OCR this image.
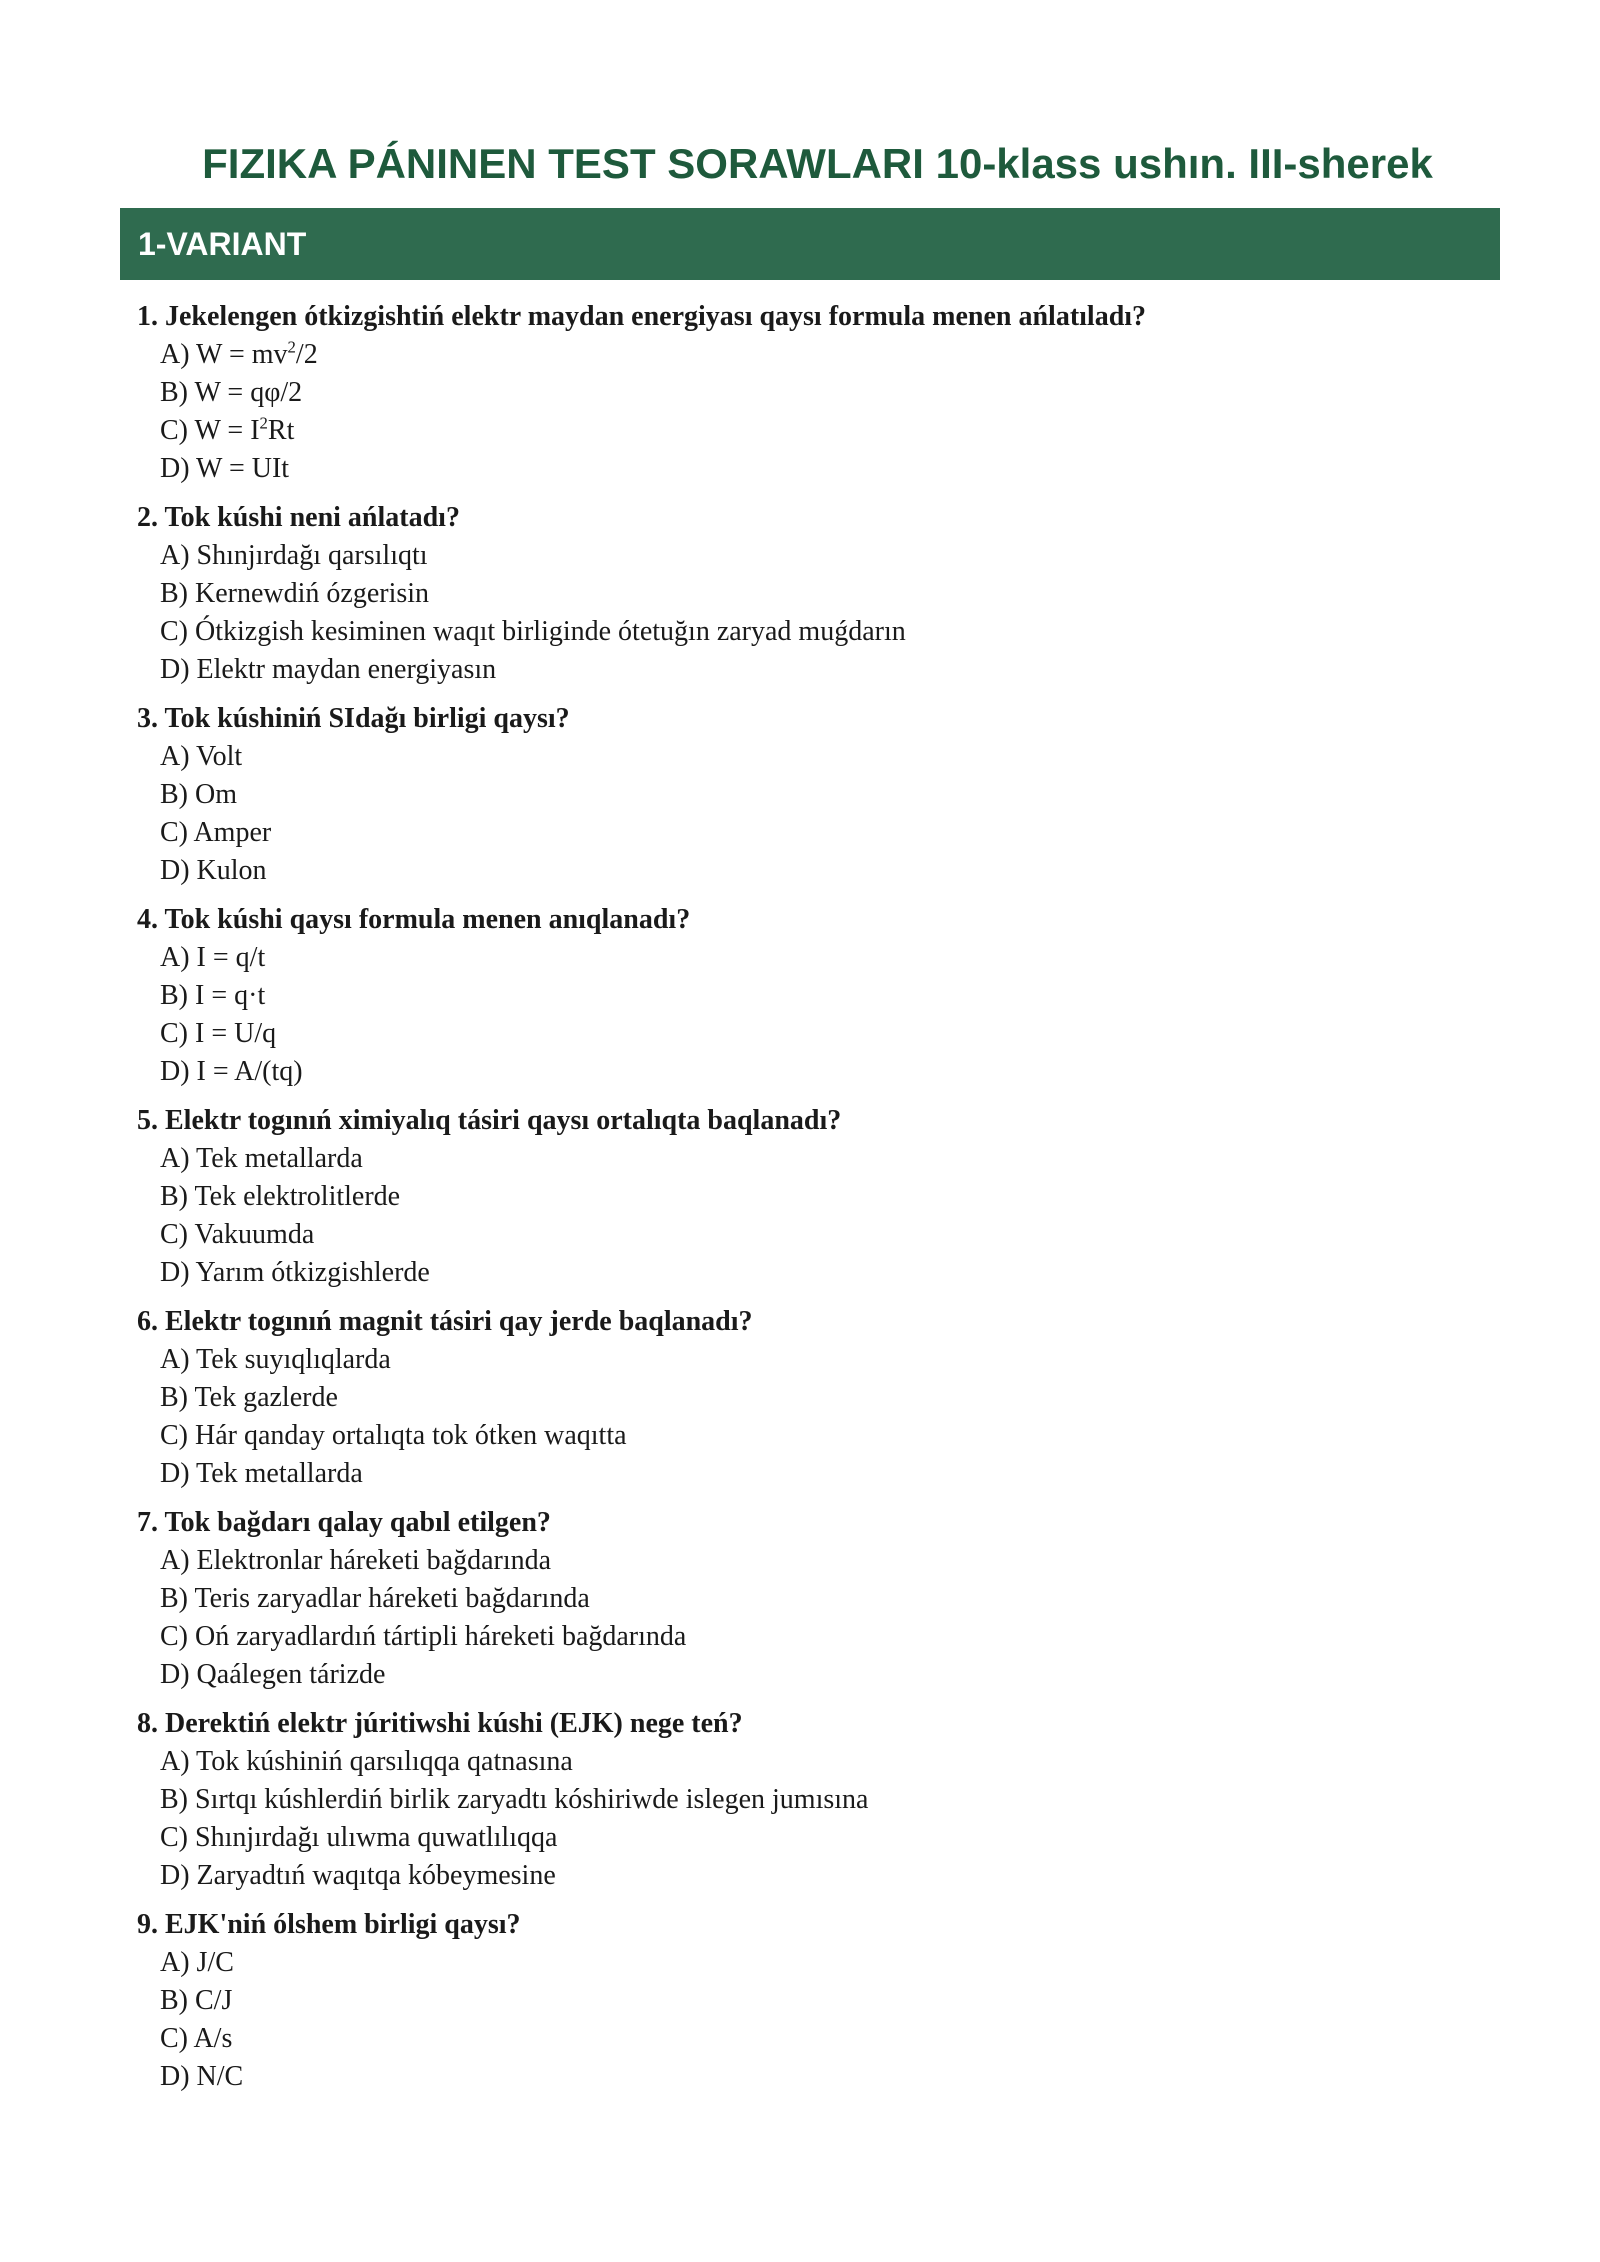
FIZIKA PÁNINEN TEST SORAWLARI 10-klass ushın. III-sherek
1-VARIANT
1. Jekelengen ótkizgishtiń elektr maydan energiyası qaysı formula menen ańlatıladı?
A) $W = mv^2/2$
B) W = qφ/2
C) $W = I^2Rt$
D) W = UIt
2. Tok kúshi neni ańlatadı?
A) Shınjırdağı qarsılıqtı
B) Kernewdiń ózgerisin
C) Ótkizgish kesiminen waqıt birliginde ótetuğın zaryad muǵdarın
D) Elektr maydan energiyasın
3. Tok kúshiniń SIdağı birligi qaysı?
A) Volt
B) Om
C) Amper
D) Kulon
4. Tok kúshi qaysı formula menen anıqlanadı?
A) I = q/t
B) I = q·t
C) I = U/q
D) I = A/(tq)
5. Elektr togınıń ximiyalıq tásiri qaysı ortalıqta baqlanadı?
A) Tek metallarda
B) Tek elektrolitlerde
C) Vakuumda
D) Yarım ótkizgishlerde
6. Elektr togınıń magnit tásiri qay jerde baqlanadı?
A) Tek suyıqlıqlarda
B) Tek gazlerde
C) Hár qanday ortalıqta tok ótken waqıtta
D) Tek metallarda
7. Tok bağdarı qalay qabıl etilgen?
A) Elektronlar háreketi bağdarında
B) Teris zaryadlar háreketi bağdarında
C) Oń zaryadlardıń tártipli háreketi bağdarında
D) Qaálegen tárizde
8. Derektiń elektr júritiwshi kúshi (EJK) nege teń?
A) Tok kúshiniń qarsılıqqa qatnasına
B) Sırtqı kúshlerdiń birlik zaryadtı kóshiriwde islegen jumısına
C) Shınjırdağı ulıwma quwatlılıqqa
D) Zaryadtıń waqıtqa kóbeymesine
9. EJK'niń ólshem birligi qaysı?
A) J/C
B) C/J
C) A/s
D) N/C
